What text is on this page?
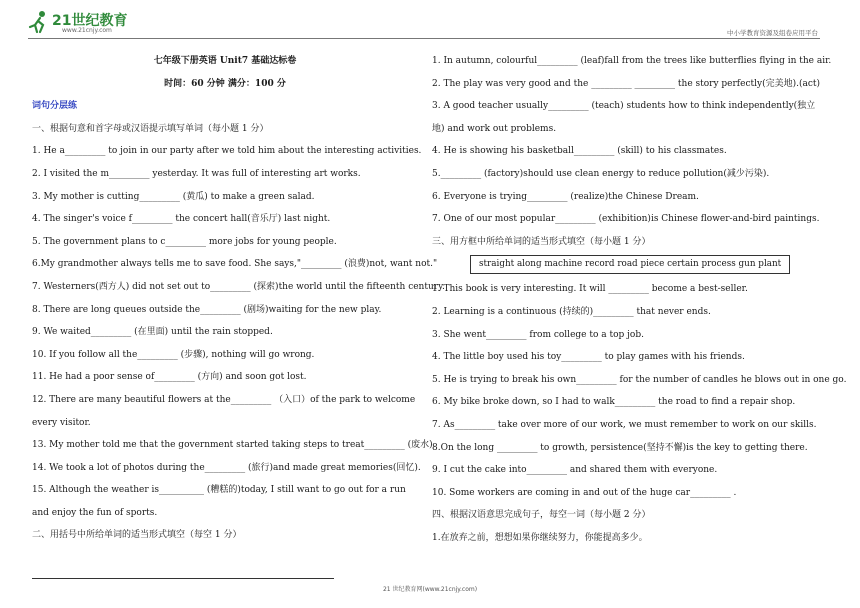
21世纪教育
www.21cnjy.com	中小学教育资源及组卷应用平台

七年级下册英语 Unit7 基础达标卷

时间：60 分钟 满分：100 分

词句分层练

一、根据句意和首字母或汉语提示填写单词（每小题 1 分）

1. He a_________ to join in our party after we told him about the interesting activities.

2. I visited the m_________ yesterday. It was full of interesting art works.

3. My mother is cutting_________ (黄瓜) to make a green salad.

4. The singer's voice f_________ the concert hall(音乐厅) last night.

5. The government plans to c_________ more jobs for young people.

6.My grandmother always tells me to save food. She says,"_________ (浪费)not, want not."

7. Westerners(西方人) did not set out to_________ (探索)the world until the fifteenth century.

8. There are long queues outside the_________ (剧场)waiting for the new play.

9. We waited_________ (在里面) until the rain stopped.

10. If you follow all the_________ (步骤), nothing will go wrong.

11. He had a poor sense of_________ (方向) and soon got lost.

12. There are many beautiful flowers at the_________ （入口）of the park to welcome every visitor.

13. My mother told me that the government started taking steps to treat_________ (废水).

14. We took a lot of photos during the_________ (旅行)and made great memories(回忆).

15. Although the weather is__________ (糟糕的)today, I still want to go out for a run and enjoy the fun of sports.

二、用括号中所给单词的适当形式填空（每空 1 分）

1. In autumn, colourful_________ (leaf)fall from the trees like butterflies flying in the air.

2. The play was very good and the _________ _________ the story perfectly(完美地).(act)

3. A good teacher usually_________ (teach) students how to think independently(独立地) and work out problems.

4. He is showing his basketball_________ (skill) to his classmates.

5._________ (factory)should use clean energy to reduce pollution(减少污染).

6. Everyone is trying_________ (realize)the Chinese Dream.

7. One of our most popular_________ (exhibition)is Chinese flower-and-bird paintings.

三、用方框中所给单词的适当形式填空（每小题 1 分）

straight along machine record road piece certain process gun plant

1. This book is very interesting. It will _________ become a best-seller.

2. Learning is a continuous (持续的)_________ that never ends.

3. She went_________ from college to a top job.

4. The little boy used his toy_________ to play games with his friends.

5. He is trying to break his own_________ for the number of candles he blows out in one go.

6. My bike broke down, so I had to walk_________ the road to find a repair shop.

7. As_________ take over more of our work, we must remember to work on our skills.

8.On the long _________ to growth, persistence(坚持不懈)is the key to getting there.

9. I cut the cake into_________ and shared them with everyone.

10. Some workers are coming in and out of the huge car_________ .

四、根据汉语意思完成句子，每空一词（每小题 2 分）

1.在放弃之前，想想如果你继续努力，你能提高多少。

21 世纪教育网(www.21cnjy.com)
